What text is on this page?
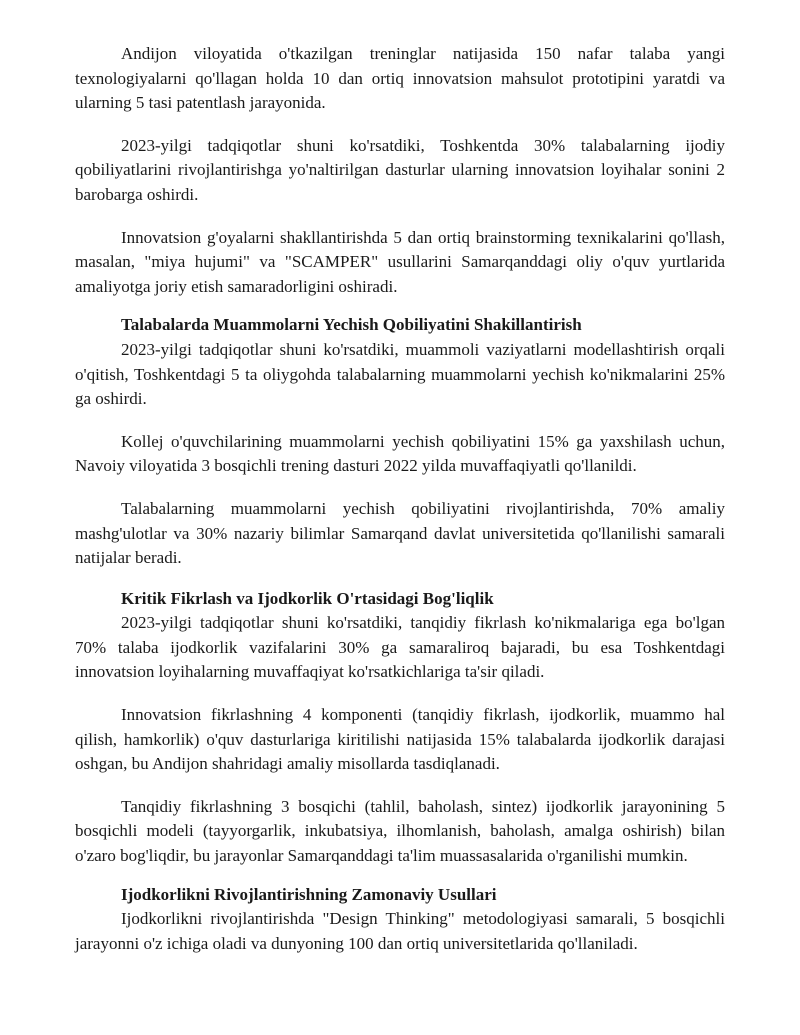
Andijon viloyatida o'tkazilgan treninglar natijasida 150 nafar talaba yangi texnologiyalarni qo'llagan holda 10 dan ortiq innovatsion mahsulot prototipini yaratdi va ularning 5 tasi patentlash jarayonida.

2023-yilgi tadqiqotlar shuni ko'rsatdiki, Toshkentda 30% talabalarning ijodiy qobiliyatlarini rivojlantirishga yo'naltirilgan dasturlar ularning innovatsion loyihalar sonini 2 barobarga oshirdi.

Innovatsion g'oyalarni shakllantirishda 5 dan ortiq brainstorming texnikalarini qo'llash, masalan, "miya hujumi" va "SCAMPER" usullarini Samarqanddagi oliy o'quv yurtlarida amaliyotga joriy etish samaradorligini oshiradi.

Talabalarda Muammolarni Yechish Qobiliyatini Shakillantirish

2023-yilgi tadqiqotlar shuni ko'rsatdiki, muammoli vaziyatlarni modellashtirish orqali o'qitish, Toshkentdagi 5 ta oliygohda talabalarning muammolarni yechish ko'nikmalarini 25% ga oshirdi.

Kollej o'quvchilarining muammolarni yechish qobiliyatini 15% ga yaxshilash uchun, Navoiy viloyatida 3 bosqichli trening dasturi 2022 yilda muvaffaqiyatli qo'llanildi.

Talabalarning muammolarni yechish qobiliyatini rivojlantirishda, 70% amaliy mashg'ulotlar va 30% nazariy bilimlar Samarqand davlat universitetida qo'llanilishi samarali natijalar beradi.

Kritik Fikrlash va Ijodkorlik O'rtasidagi Bog'liqlik

2023-yilgi tadqiqotlar shuni ko'rsatdiki, tanqidiy fikrlash ko'nikmalariga ega bo'lgan 70% talaba ijodkorlik vazifalarini 30% ga samaraliroq bajaradi, bu esa Toshkentdagi innovatsion loyihalarning muvaffaqiyat ko'rsatkichlariga ta'sir qiladi.

Innovatsion fikrlashning 4 komponenti (tanqidiy fikrlash, ijodkorlik, muammo hal qilish, hamkorlik) o'quv dasturlariga kiritilishi natijasida 15% talabalarda ijodkorlik darajasi oshgan, bu Andijon shahridagi amaliy misollarda tasdiqlanadi.

Tanqidiy fikrlashning 3 bosqichi (tahlil, baholash, sintez) ijodkorlik jarayonining 5 bosqichli modeli (tayyorgarlik, inkubatsiya, ilhomlanish, baholash, amalga oshirish) bilan o'zaro bog'liqdir, bu jarayonlar Samarqanddagi ta'lim muassasalarida o'rganilishi mumkin.

Ijodkorlikni Rivojlantirishning Zamonaviy Usullari

Ijodkorlikni rivojlantirishda "Design Thinking" metodologiyasi samarali, 5 bosqichli jarayonni o'z ichiga oladi va dunyoning 100 dan ortiq universitetlarida qo'llaniladi.
